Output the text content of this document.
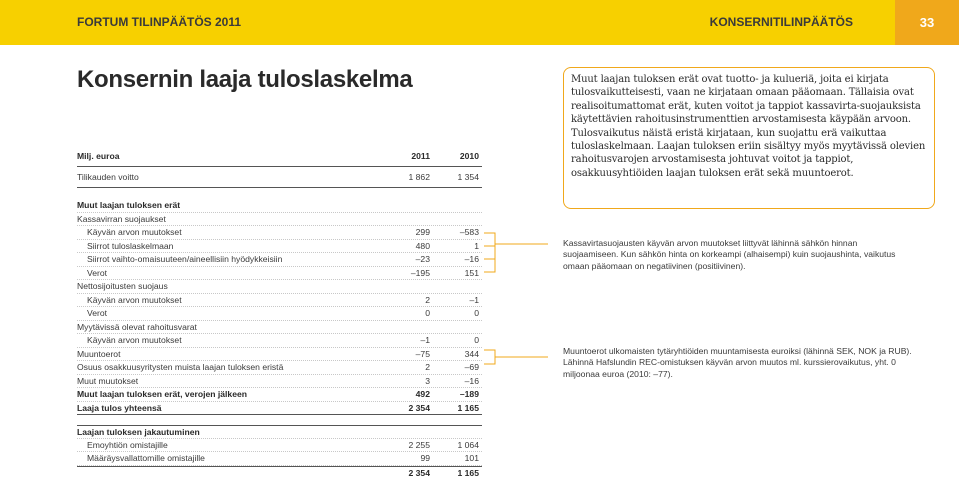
FORTUM TILINPÄÄTÖS 2011	KONSERNITILINPÄÄTÖS	33
Konsernin laaja tuloslaskelma	Muut laajan tuloksen erät ovat tuotto- ja kulueriä, joita ei kirjata tulosvaikutteisesti, vaan ne kirjataan omaan pääomaan. Tällaisia ovat realisoitumattomat erät, kuten voitot ja tappiot kassavirta-suojauksista käytettävien rahoitusinstrumenttien arvostamisesta käypään arvoon. Tulosvaikutus näistä eristä kirjataan, kun suojattu erä vaikuttaa tuloslaskelmaan. Laajan tuloksen eriin sisältyy myös myytävissä olevien rahoitusvarojen arvostamisesta johtuvat voitot ja tappiot, osakkuusyhtiöiden laajan tuloksen erät sekä muuntoerot.
Milj. euroa	2011	2010
Tilikauden voitto	1 862	1 354
Muut laajan tuloksen erät
Kassavirran suojaukset
Käyvän arvon muutokset	299	–583
Siirrot tuloslaskelmaan	480	1
Siirrot vaihto-omaisuuteen/aineellisiin hyödykkeisiin	–23	–16
Verot	–195	151
Nettosijoitusten suojaus
Käyvän arvon muutokset	2	–1
Verot	0	0
Myytävissä olevat rahoitusvarat
Käyvän arvon muutokset	–1	0
Muuntoerot	–75	344
Osuus osakkuusyritysten muista laajan tuloksen eristä	2	–69
Muut muutokset	3	–16
Muut laajan tuloksen erät, verojen jälkeen	492	–189
Laaja tulos yhteensä	2 354	1 165
Laajan tuloksen jakautuminen
Emoyhtiön omistajille	2 255	1 064
Määräysvallattomille omistajille	99	101
2 354	1 165
Kassavirtasuojausten käyvän arvon muutokset liittyvät lähinnä sähkön hinnan suojaamiseen. Kun sähkön hinta on korkeampi (alhaisempi) kuin suojaushinta, vaikutus omaan pääomaan on negatiivinen (positiivinen).
Muuntoerot ulkomaisten tytäryhtiöiden muuntamisesta euroiksi (lähinnä SEK, NOK ja RUB). Lähinnä Hafslundin REC-omistuksen käyvän arvon muutos ml. kurssierovaikutus, yht. 0 miljoonaa euroa (2010: –77).
